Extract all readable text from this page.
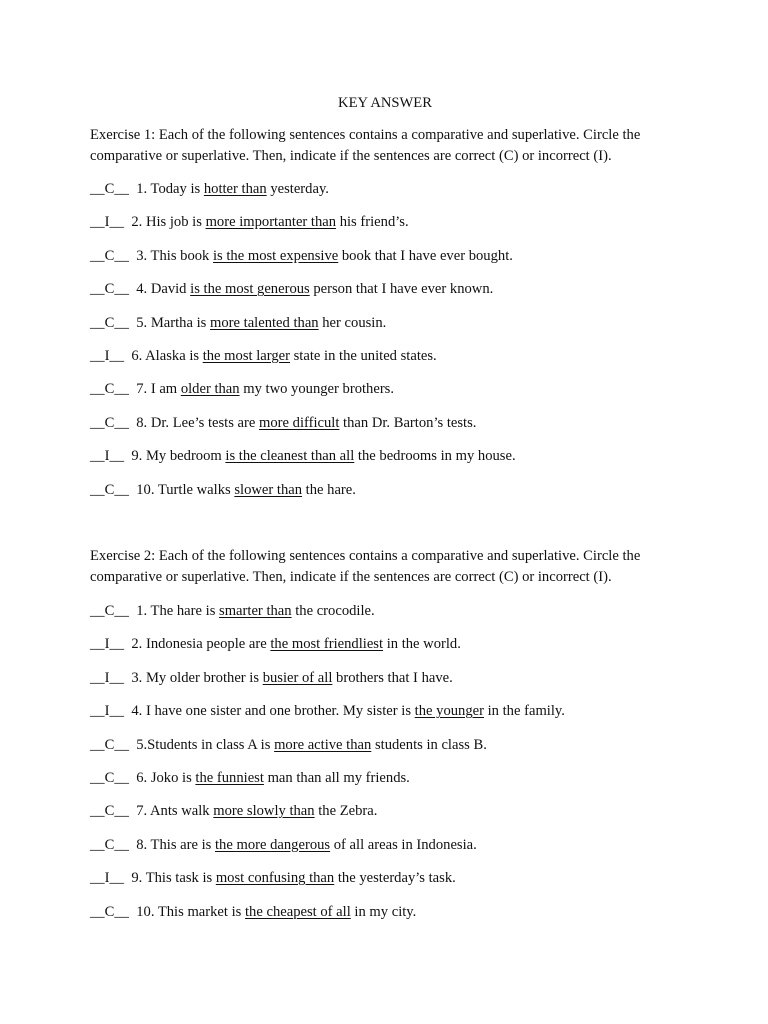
KEY ANSWER
Exercise 1: Each of the following sentences contains a comparative and superlative. Circle the comparative or superlative. Then, indicate if the sentences are correct (C) or incorrect (I).
__C__ 1. Today is hotter than yesterday.
__I__ 2. His job is more importanter than his friend’s.
__C__ 3. This book is the most expensive book that I have ever bought.
__C__ 4. David is the most generous person that I have ever known.
__C__ 5. Martha is more talented than her cousin.
__I__ 6. Alaska is the most larger state in the united states.
__C__ 7. I am older than my two younger brothers.
__C__ 8. Dr. Lee’s tests are more difficult than Dr. Barton’s tests.
__I__ 9. My bedroom is the cleanest than all the bedrooms in my house.
__C__ 10. Turtle walks slower than the hare.
Exercise 2: Each of the following sentences contains a comparative and superlative. Circle the comparative or superlative. Then, indicate if the sentences are correct (C) or incorrect (I).
__C__ 1. The hare is smarter than the crocodile.
__I__ 2. Indonesia people are the most friendliest in the world.
__I__ 3. My older brother is busier of all brothers that I have.
__I__ 4. I have one sister and one brother. My sister is the younger in the family.
__C__ 5.Students in class A is more active than students in class B.
__C__ 6. Joko is the funniest man than all my friends.
__C__ 7. Ants walk more slowly than the Zebra.
__C__ 8. This are is the more dangerous of all areas in Indonesia.
__I__ 9. This task is most confusing than the yesterday’s task.
__C__ 10. This market is the cheapest of all in my city.
